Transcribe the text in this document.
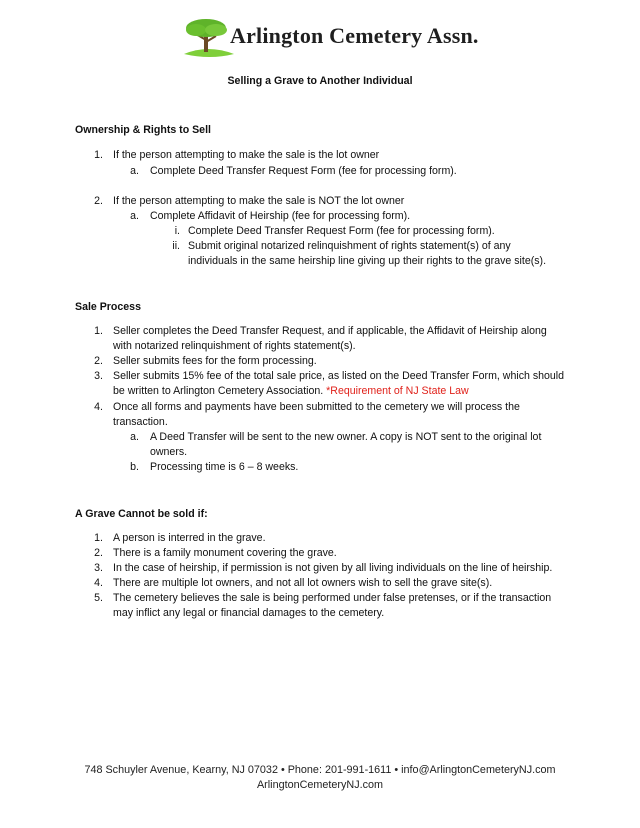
Arlington Cemetery Assn.
Selling a Grave to Another Individual
Ownership & Rights to Sell
1. If the person attempting to make the sale is the lot owner
a. Complete Deed Transfer Request Form (fee for processing form).
2. If the person attempting to make the sale is NOT the lot owner
a. Complete Affidavit of Heirship (fee for processing form).
i. Complete Deed Transfer Request Form (fee for processing form).
ii. Submit original notarized relinquishment of rights statement(s) of any
individuals in the same heirship line giving up their rights to the grave site(s).
Sale Process
1. Seller completes the Deed Transfer Request, and if applicable, the Affidavit of Heirship along
with notarized relinquishment of rights statement(s).
2. Seller submits fees for the form processing.
3. Seller submits 15% fee of the total sale price, as listed on the Deed Transfer Form, which should
be written to Arlington Cemetery Association. *Requirement of NJ State Law
4. Once all forms and payments have been submitted to the cemetery we will process the
transaction.
a. A Deed Transfer will be sent to the new owner. A copy is NOT sent to the original lot
owners.
b. Processing time is 6 – 8 weeks.
A Grave Cannot be sold if:
1. A person is interred in the grave.
2. There is a family monument covering the grave.
3. In the case of heirship, if permission is not given by all living individuals on the line of heirship.
4. There are multiple lot owners, and not all lot owners wish to sell the grave site(s).
5. The cemetery believes the sale is being performed under false pretenses, or if the transaction
may inflict any legal or financial damages to the cemetery.
748 Schuyler Avenue, Kearny, NJ 07032 • Phone: 201-991-1611 • info@ArlingtonCemeteryNJ.com
ArlingtonCemeteryNJ.com
